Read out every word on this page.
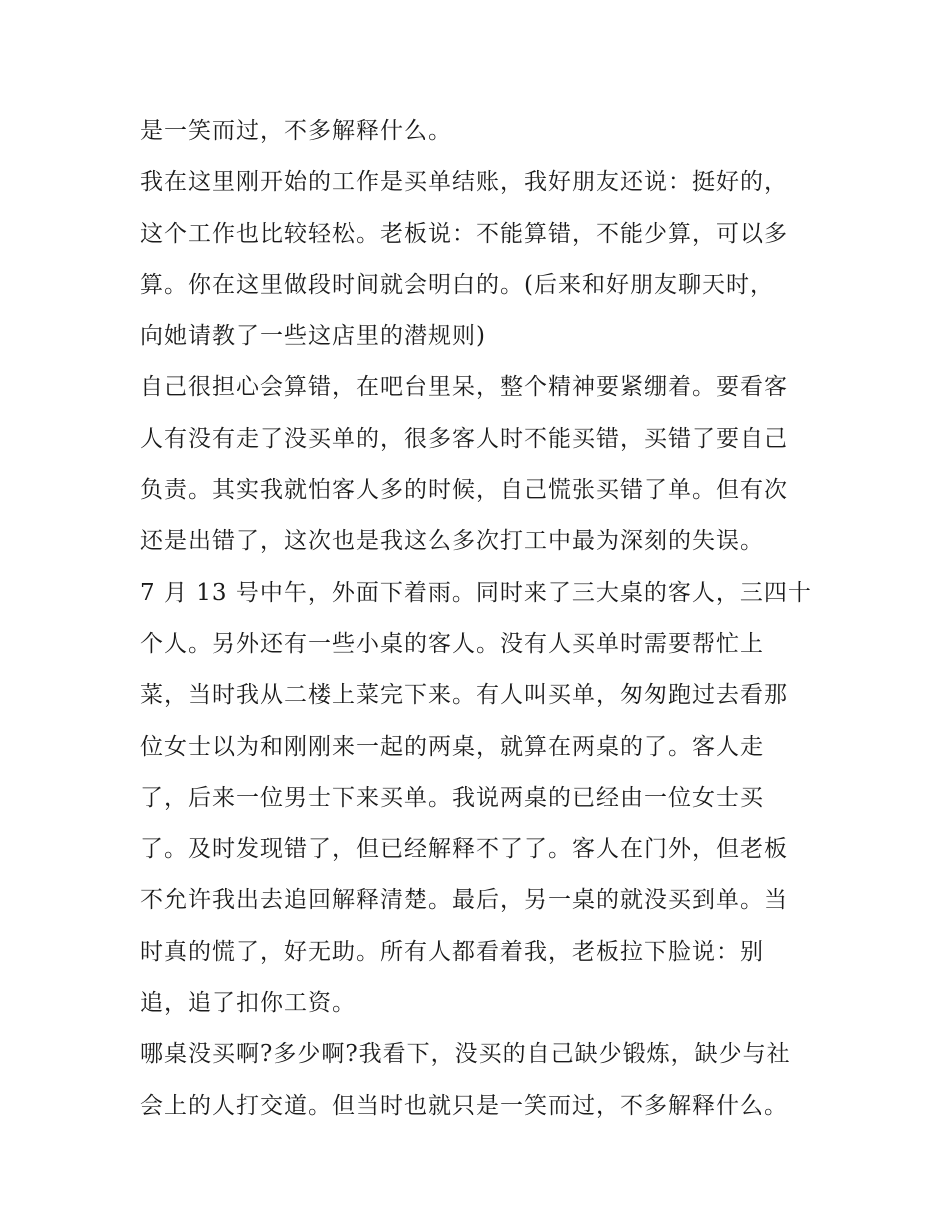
是一笑而过，不多解释什么。
我在这里刚开始的工作是买单结账，我好朋友还说：挺好的，
这个工作也比较轻松。老板说：不能算错，不能少算，可以多
算。你在这里做段时间就会明白的。(后来和好朋友聊天时，
向她请教了一些这店里的潜规则)
自己很担心会算错，在吧台里呆，整个精神要紧绷着。要看客
人有没有走了没买单的，很多客人时不能买错，买错了要自己
负责。其实我就怕客人多的时候，自己慌张买错了单。但有次
还是出错了，这次也是我这么多次打工中最为深刻的失误。
7 月 13 号中午，外面下着雨。同时来了三大桌的客人，三四十
个人。另外还有一些小桌的客人。没有人买单时需要帮忙上
菜，当时我从二楼上菜完下来。有人叫买单，匆匆跑过去看那
位女士以为和刚刚来一起的两桌，就算在两桌的了。客人走
了，后来一位男士下来买单。我说两桌的已经由一位女士买
了。及时发现错了，但已经解释不了了。客人在门外，但老板
不允许我出去追回解释清楚。最后，另一桌的就没买到单。当
时真的慌了，好无助。所有人都看着我，老板拉下脸说：别
追，追了扣你工资。
哪桌没买啊?多少啊?我看下，没买的自己缺少锻炼，缺少与社
会上的人打交道。但当时也就只是一笑而过，不多解释什么。
